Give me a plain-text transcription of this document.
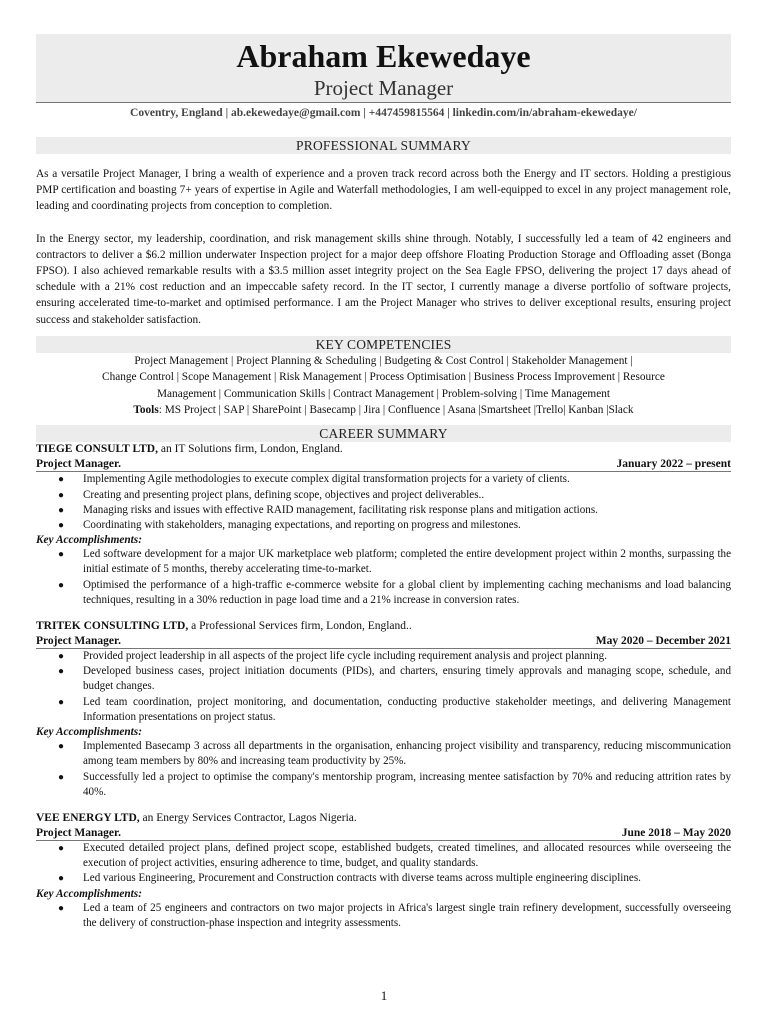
Abraham Ekewedaye
Project Manager
Coventry, England | ab.ekewedaye@gmail.com | +447459815564 | linkedin.com/in/abraham-ekewedaye/
PROFESSIONAL SUMMARY

As a versatile Project Manager, I bring a wealth of experience and a proven track record across both the Energy and IT sectors. Holding a prestigious PMP certification and boasting 7+ years of expertise in Agile and Waterfall methodologies, I am well-equipped to excel in any project management role, leading and coordinating projects from conception to completion.

In the Energy sector, my leadership, coordination, and risk management skills shine through. Notably, I successfully led a team of 42 engineers and contractors to deliver a $6.2 million underwater Inspection project for a major deep offshore Floating Production Storage and Offloading asset (Bonga FPSO). I also achieved remarkable results with a $3.5 million asset integrity project on the Sea Eagle FPSO, delivering the project 17 days ahead of schedule with a 21% cost reduction and an impeccable safety record. In the IT sector, I currently manage a diverse portfolio of software projects, ensuring accelerated time-to-market and optimised performance. I am the Project Manager who strives to deliver exceptional results, ensuring project success and stakeholder satisfaction.

KEY COMPETENCIES
Project Management | Project Planning & Scheduling | Budgeting & Cost Control | Stakeholder Management |
Change Control | Scope Management | Risk Management | Process Optimisation | Business Process Improvement | Resource
Management | Communication Skills | Contract Management | Problem-solving | Time Management
Tools: MS Project | SAP | SharePoint | Basecamp | Jira | Confluence | Asana |Smartsheet |Trello| Kanban |Slack
CAREER SUMMARY
TIEGE CONSULT LTD, an IT Solutions firm, London, England.
Project Manager.	January 2022 – present
● Implementing Agile methodologies to execute complex digital transformation projects for a variety of clients.
● Creating and presenting project plans, defining scope, objectives and project deliverables..
● Managing risks and issues with effective RAID management, facilitating risk response plans and mitigation actions.
● Coordinating with stakeholders, managing expectations, and reporting on progress and milestones.
Key Accomplishments:
● Led software development for a major UK marketplace web platform; completed the entire development project within 2 months, surpassing the initial estimate of 5 months, thereby accelerating time-to-market.
● Optimised the performance of a high-traffic e-commerce website for a global client by implementing caching mechanisms and load balancing techniques, resulting in a 30% reduction in page load time and a 21% increase in conversion rates.
TRITEK CONSULTING LTD, a Professional Services firm, London, England..
Project Manager.	May 2020 – December 2021
● Provided project leadership in all aspects of the project life cycle including requirement analysis and project planning.
● Developed business cases, project initiation documents (PIDs), and charters, ensuring timely approvals and managing scope, schedule, and budget changes.
● Led team coordination, project monitoring, and documentation, conducting productive stakeholder meetings, and delivering Management Information presentations on project status.
Key Accomplishments:
● Implemented Basecamp 3 across all departments in the organisation, enhancing project visibility and transparency, reducing miscommunication among team members by 80% and increasing team productivity by 25%.
● Successfully led a project to optimise the company's mentorship program, increasing mentee satisfaction by 70% and reducing attrition rates by 40%.
VEE ENERGY LTD, an Energy Services Contractor, Lagos Nigeria.
Project Manager.	June 2018 – May 2020
● Executed detailed project plans, defined project scope, established budgets, created timelines, and allocated resources while overseeing the execution of project activities, ensuring adherence to time, budget, and quality standards.
● Led various Engineering, Procurement and Construction contracts with diverse teams across multiple engineering disciplines.
Key Accomplishments:
● Led a team of 25 engineers and contractors on two major projects in Africa's largest single train refinery development, successfully overseeing the delivery of construction-phase inspection and integrity assessments.
1
